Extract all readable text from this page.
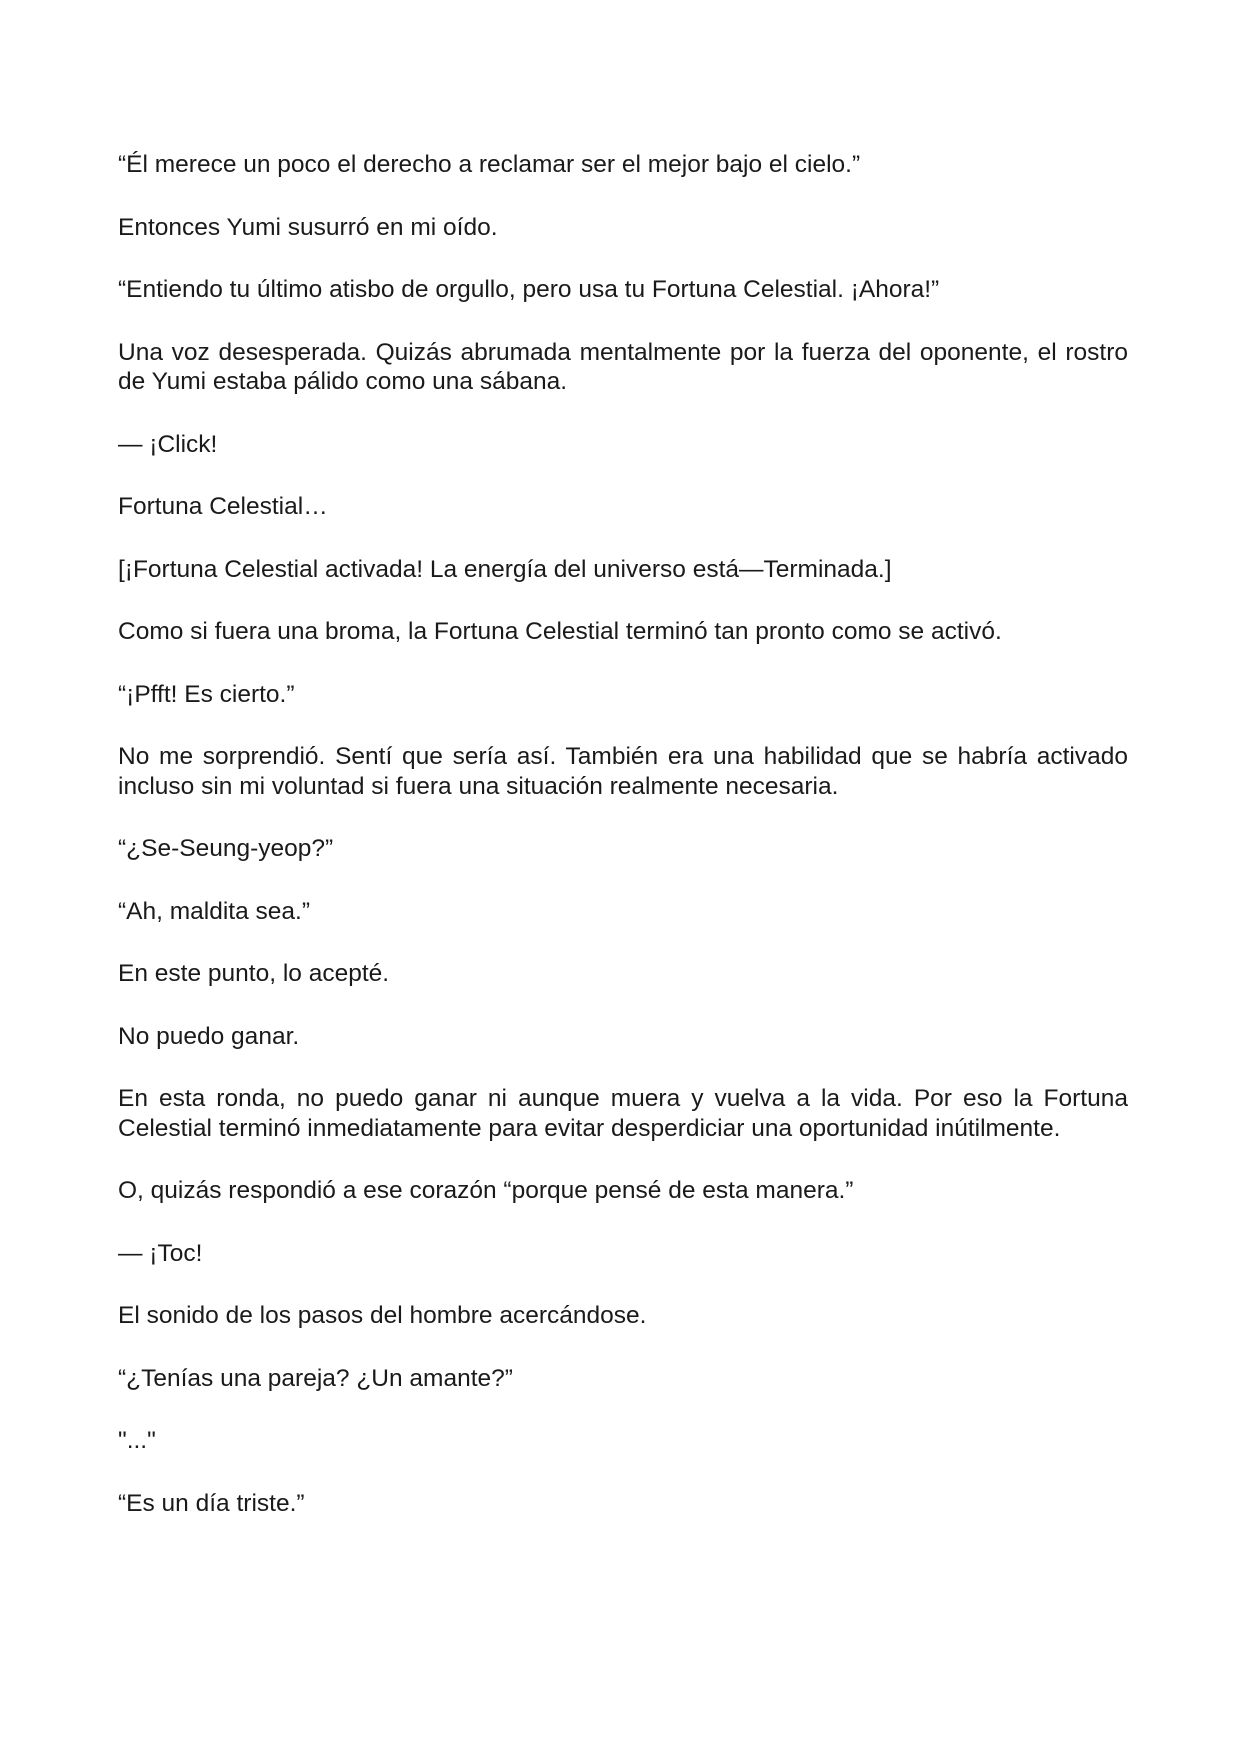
“Él merece un poco el derecho a reclamar ser el mejor bajo el cielo.”

Entonces Yumi susurró en mi oído.

“Entiendo tu último atisbo de orgullo, pero usa tu Fortuna Celestial. ¡Ahora!”

Una voz desesperada. Quizás abrumada mentalmente por la fuerza del oponente, el rostro de Yumi estaba pálido como una sábana.

— ¡Click!

Fortuna Celestial…

[¡Fortuna Celestial activada! La energía del universo está—Terminada.]

Como si fuera una broma, la Fortuna Celestial terminó tan pronto como se activó.

“¡Pfft! Es cierto.”

No me sorprendió. Sentí que sería así. También era una habilidad que se habría activado incluso sin mi voluntad si fuera una situación realmente necesaria.

“¿Se-Seung-yeop?”

“Ah, maldita sea.”

En este punto, lo acepté.

No puedo ganar.

En esta ronda, no puedo ganar ni aunque muera y vuelva a la vida. Por eso la Fortuna Celestial terminó inmediatamente para evitar desperdiciar una oportunidad inútilmente.

O, quizás respondió a ese corazón “porque pensé de esta manera.”

— ¡Toc!

El sonido de los pasos del hombre acercándose.

“¿Tenías una pareja? ¿Un amante?”

"..."

“Es un día triste.”
